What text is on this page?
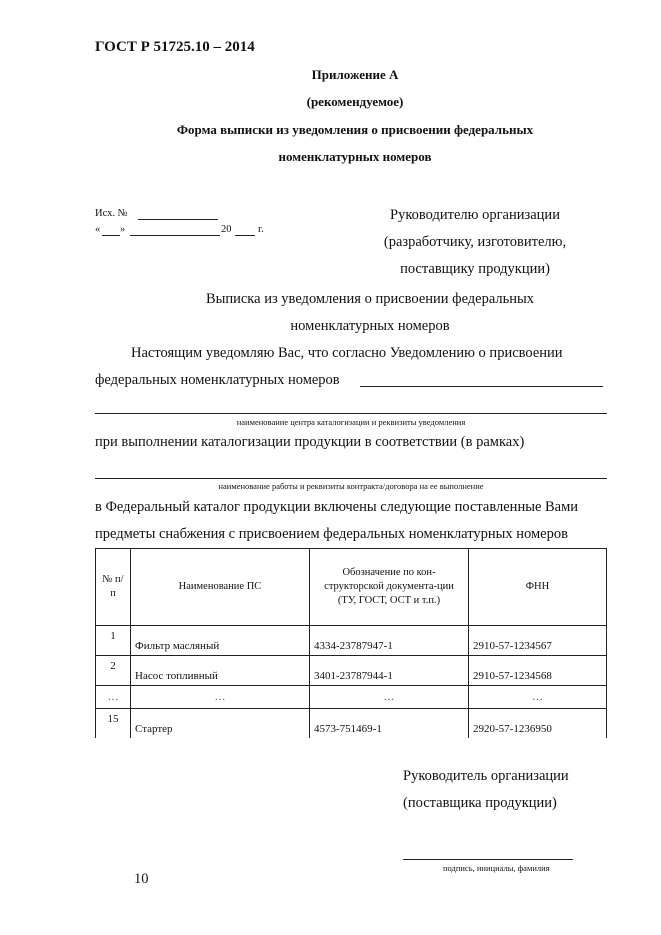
ГОСТ Р 51725.10 – 2014
Приложение А
(рекомендуемое)
Форма выписки из уведомления о присвоении федеральных
номенклатурных номеров
Исх. №
« »	20	г.
Руководителю организации
(разработчику, изготовителю,
поставщику продукции)
Выписка из уведомления о присвоении федеральных
номенклатурных номеров
Настоящим уведомляю Вас, что согласно Уведомлению о присвоении
федеральных номенклатурных номеров
наименование центра каталогизации и реквизиты уведомления
при выполнении каталогизации продукции в соответствии (в рамках)
наименование работы и реквизиты контракта/договора на ее выполнение
в Федеральный каталог продукции включены следующие поставленные Вами
предметы снабжения с присвоением федеральных номенклатурных номеров
№ п/п	Наименование ПС	Обозначение по кон-структорской документа-ции (ТУ, ГОСТ, ОСТ и т.п.)	ФНН
1	Фильтр масляный	4334-23787947-1	2910-57-1234567
2	Насос топливный	3401-23787944-1	2910-57-1234568
…	…	…	…
15	Стартер	4573-751469-1	2920-57-1236950
Руководитель организации
(поставщика продукции)
подпись, инициалы, фамилия
10
